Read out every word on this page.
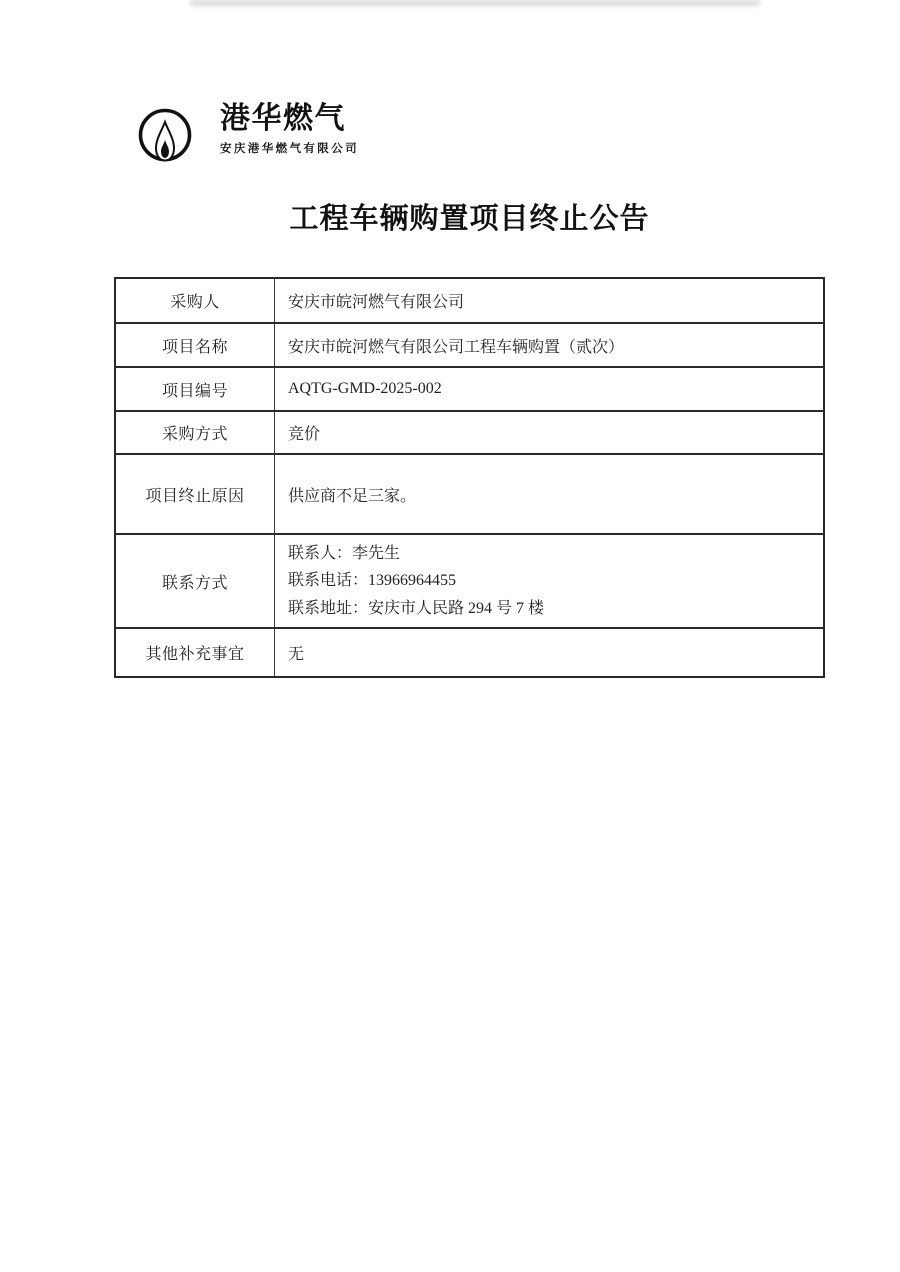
港华燃气
安庆港华燃气有限公司
工程车辆购置项目终止公告
采购人	安庆市皖河燃气有限公司
项目名称	安庆市皖河燃气有限公司工程车辆购置（贰次）
项目编号	AQTG-GMD-2025-002
采购方式	竞价
项目终止原因	供应商不足三家。
联系方式	联系人：李先生
联系电话：13966964455
联系地址：安庆市人民路 294 号 7 楼

其他补充事宜	无
